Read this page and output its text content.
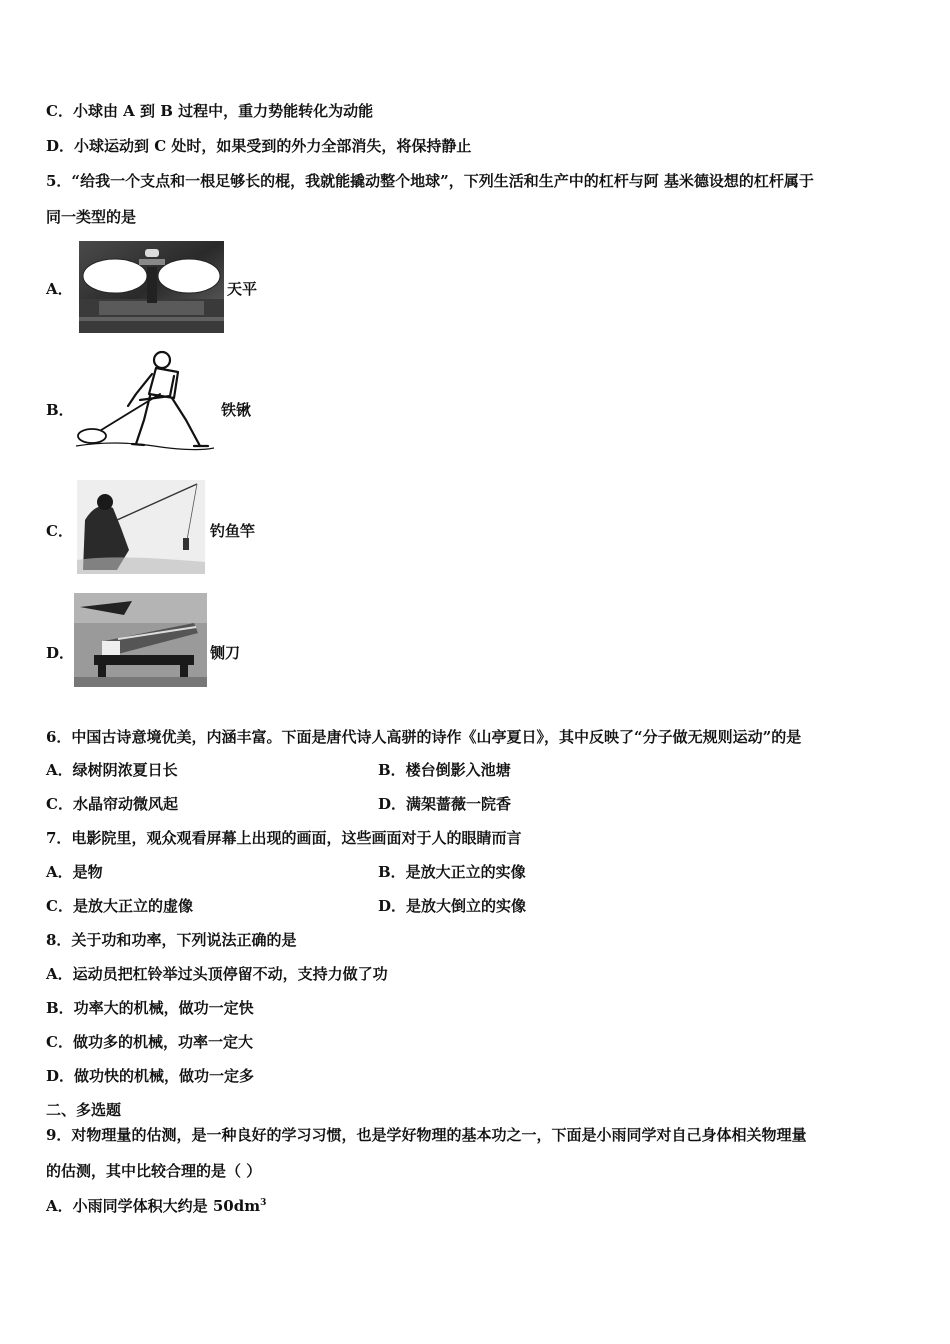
C．小球由 A 到 B 过程中，重力势能转化为动能
D．小球运动到 C 处时，如果受到的外力全部消失，将保持静止
5．“给我一个支点和一根足够长的棍，我就能撬动整个地球”，下列生活和生产中的杠杆与阿 基米德设想的杠杆属于
同一类型的是
A．	天平
B．	铁锹
C．	钓鱼竿
D．	铡刀
6．中国古诗意境优美，内涵丰富。下面是唐代诗人高骈的诗作《山亭夏日》，其中反映了“分子做无规则运动”的是
A．绿树阴浓夏日长	B．楼台倒影入池塘
C．水晶帘动微风起	D．满架蔷薇一院香
7．电影院里，观众观看屏幕上出现的画面，这些画面对于人的眼睛而言
A．是物	B．是放大正立的实像
C．是放大正立的虚像	D．是放大倒立的实像
8．关于功和功率，下列说法正确的是
A．运动员把杠铃举过头顶停留不动，支持力做了功
B．功率大的机械，做功一定快
C．做功多的机械，功率一定大
D．做功快的机械，做功一定多
二、多选题
9．对物理量的估测，是一种良好的学习习惯，也是学好物理的基本功之一，下面是小雨同学对自己身体相关物理量
的估测，其中比较合理的是（ ）
A．小雨同学体积大约是 $50dm^3$
